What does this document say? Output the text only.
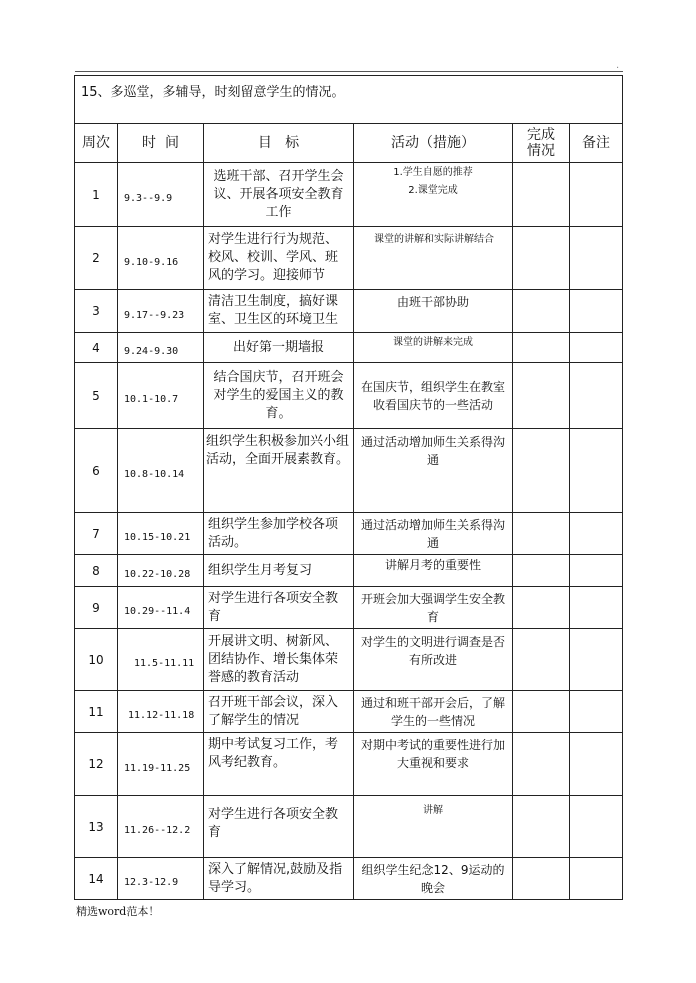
.
15、多巡堂，多辅导，时刻留意学生的情况。					
周次	时  间	目   标	活动（措施）	完成情况	备注
1	9.3--9.9	选班干部、召开学生会议、开展各项安全教育工作	1.学生自愿的推荐
2.课堂完成		
2	9.10-9.16	对学生进行行为规范、校风、校训、学风、班风的学习。迎接师节	课堂的讲解和实际讲解结合		
3	9.17--9.23	清洁卫生制度，搞好课室、卫生区的环境卫生	由班干部协助		
4	9.24-9.30	出好第一期墙报	课堂的讲解来完成		
5	10.1-10.7	结合国庆节，召开班会对学生的爱国主义的教育。	在国庆节，组织学生在教室收看国庆节的一些活动		
6	10.8-10.14	组织学生积极参加兴小组活动，全面开展素教育。	通过活动增加师生关系得沟通		
7	10.15-10.21	组织学生参加学校各项活动。	通过活动增加师生关系得沟通		
8	10.22-10.28	组织学生月考复习	讲解月考的重要性		
9	10.29--11.4	对学生进行各项安全教育	开班会加大强调学生安全教育		
10	11.5-11.11	开展讲文明、树新风、团结协作、增长集体荣誉感的教育活动	对学生的文明进行调查是否有所改进		
11	11.12-11.18	召开班干部会议，深入了解学生的情况	通过和班干部开会后，了解学生的一些情况		
12	11.19-11.25	期中考试复习工作，考风考纪教育。	对期中考试的重要性进行加大重视和要求		
13	11.26--12.2	对学生进行各项安全教育	讲解		
14	12.3-12.9	深入了解情况,鼓励及指导学习。	组织学生纪念12、9运动的晚会		
精选word范本！
